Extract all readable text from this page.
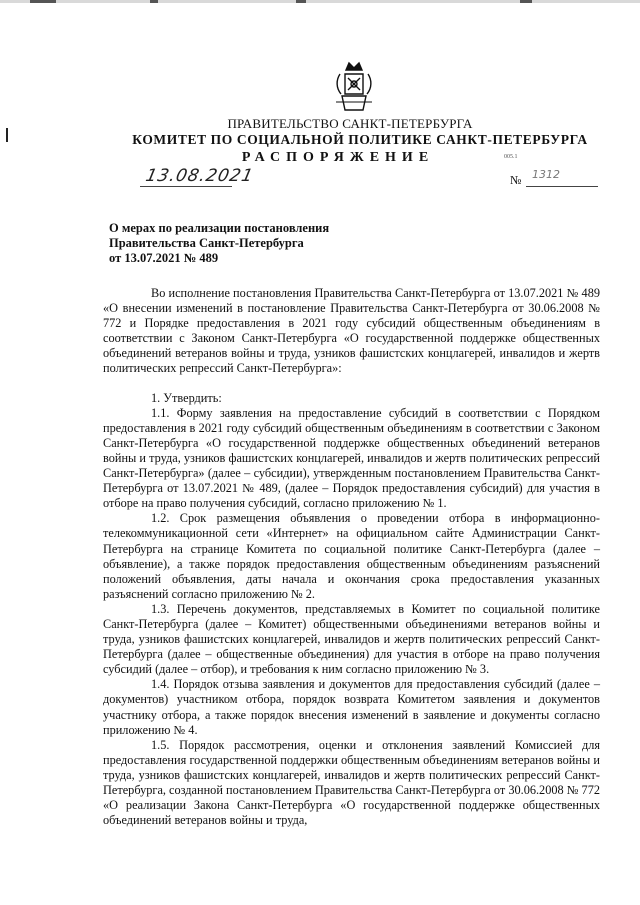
ПРАВИТЕЛЬСТВО САНКТ-ПЕТЕРБУРГА
КОМИТЕТ ПО СОЦИАЛЬНОЙ ПОЛИТИКЕ САНКТ-ПЕТЕРБУРГА
РАСПОРЯЖЕНИЕ	005.1
13.08.2021	№ 1312
О мерах по реализации постановления
Правительства Санкт-Петербурга
от 13.07.2021 № 489

Во исполнение постановления Правительства Санкт-Петербурга от 13.07.2021 № 489 «О внесении изменений в постановление Правительства Санкт-Петербурга от 30.06.2008 № 772 и Порядке предоставления в 2021 году субсидий общественным объединениям в соответствии с Законом Санкт-Петербурга «О государственной поддержке общественных объединений ветеранов войны и труда, узников фашистских концлагерей, инвалидов и жертв политических репрессий Санкт-Петербурга»:

1. Утвердить:

1.1. Форму заявления на предоставление субсидий в соответствии с Порядком предоставления в 2021 году субсидий общественным объединениям в соответствии с Законом Санкт-Петербурга «О государственной поддержке общественных объединений ветеранов войны и труда, узников фашистских концлагерей, инвалидов и жертв политических репрессий Санкт-Петербурга» (далее – субсидии), утвержденным постановлением Правительства Санкт-Петербурга от 13.07.2021 № 489, (далее – Порядок предоставления субсидий) для участия в отборе на право получения субсидий, согласно приложению № 1.

1.2. Срок размещения объявления о проведении отбора в информационно-телекоммуникационной сети «Интернет» на официальном сайте Администрации Санкт-Петербурга на странице Комитета по социальной политике Санкт-Петербурга (далее – объявление), а также порядок предоставления общественным объединениям разъяснений положений объявления, даты начала и окончания срока предоставления указанных разъяснений согласно приложению № 2.

1.3. Перечень документов, представляемых в Комитет по социальной политике Санкт-Петербурга (далее – Комитет) общественными объединениями ветеранов войны и труда, узников фашистских концлагерей, инвалидов и жертв политических репрессий Санкт-Петербурга (далее – общественные объединения) для участия в отборе на право получения субсидий (далее – отбор), и требования к ним согласно приложению № 3.

1.4. Порядок отзыва заявления и документов для предоставления субсидий (далее – документов) участником отбора, порядок возврата Комитетом заявления и документов участнику отбора, а также порядок внесения изменений в заявление и документы согласно приложению № 4.

1.5. Порядок рассмотрения, оценки и отклонения заявлений Комиссией для предоставления государственной поддержки общественным объединениям ветеранов войны и труда, узников фашистских концлагерей, инвалидов и жертв политических репрессий Санкт-Петербурга, созданной постановлением Правительства Санкт-Петербурга от 30.06.2008 № 772 «О реализации Закона Санкт-Петербурга «О государственной поддержке общественных объединений ветеранов войны и труда,
